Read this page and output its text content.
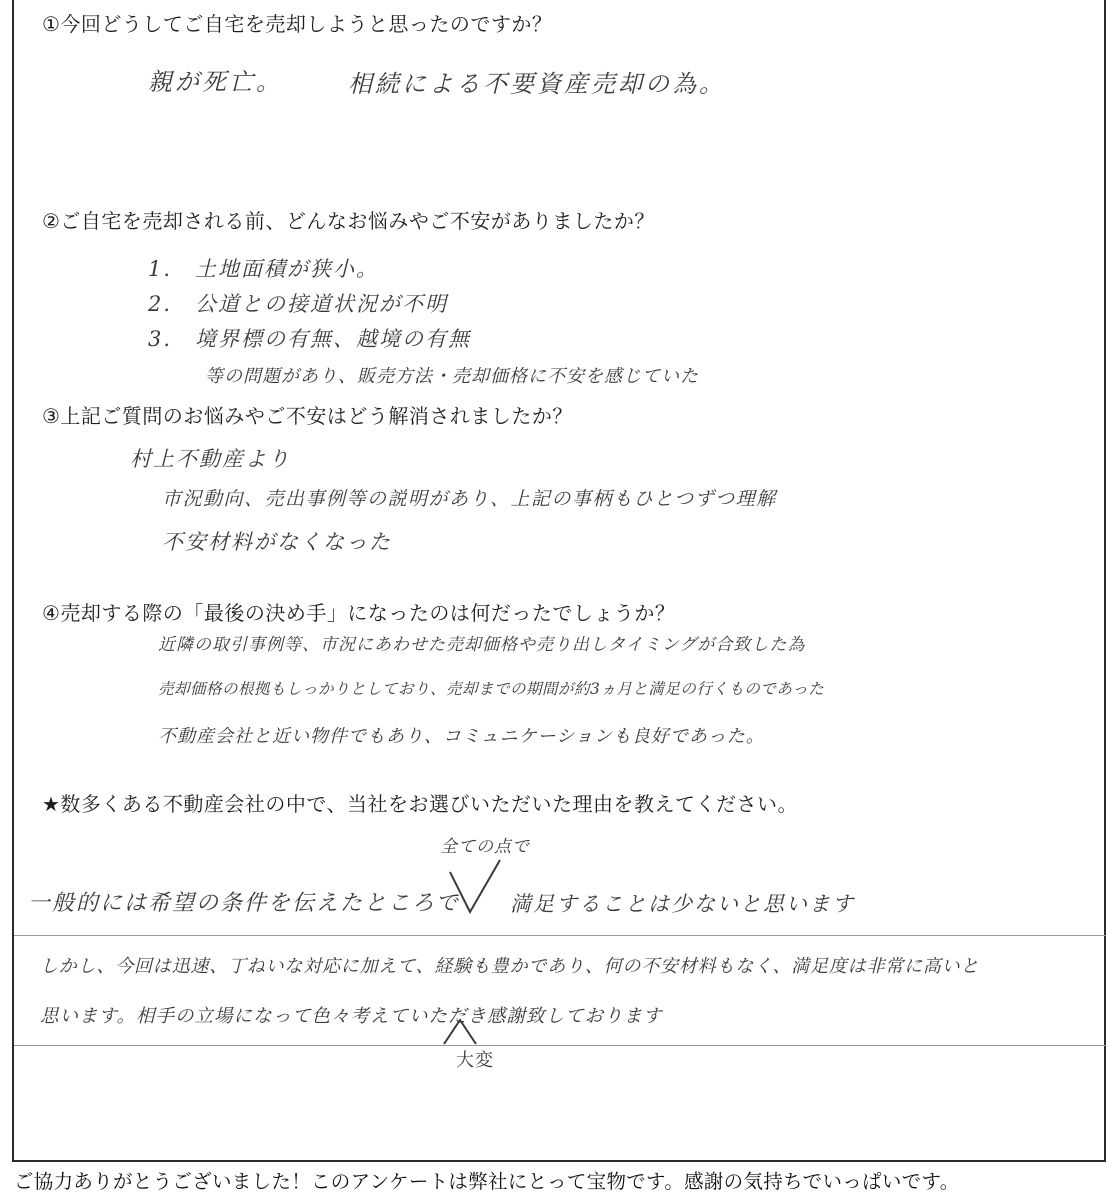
①今回どうしてご自宅を売却しようと思ったのですか？
親が死亡。	相続による不要資産売却の為。
②ご自宅を売却される前、どんなお悩みやご不安がありましたか？
1.　土地面積が狭小。
2.　公道との接道状況が不明
3.　境界標の有無、越境の有無
等の問題があり、販売方法・売却価格に不安を感じていた
③上記ご質問のお悩みやご不安はどう解消されましたか？
村上不動産より
市況動向、売出事例等の説明があり、上記の事柄もひとつずつ理解
不安材料がなくなった
④売却する際の「最後の決め手」になったのは何だったでしょうか？
近隣の取引事例等、市況にあわせた売却価格や売り出しタイミングが合致した為
売却価格の根拠もしっかりとしており、売却までの期間が約3ヵ月と満足の行くものであった
不動産会社と近い物件でもあり、コミュニケーションも良好であった。
★数多くある不動産会社の中で、当社をお選びいただいた理由を教えてください。
全ての点で
一般的には希望の条件を伝えたところで 満足することは少ないと思います
しかし、今回は迅速、丁ねいな対応に加えて、経験も豊かであり、何の不安材料もなく、満足度は非常に高いと
思います。相手の立場になって色々考えていただき感謝致しております
大変
ご協力ありがとうございました！このアンケートは弊社にとって宝物です。感謝の気持ちでいっぱいです。
